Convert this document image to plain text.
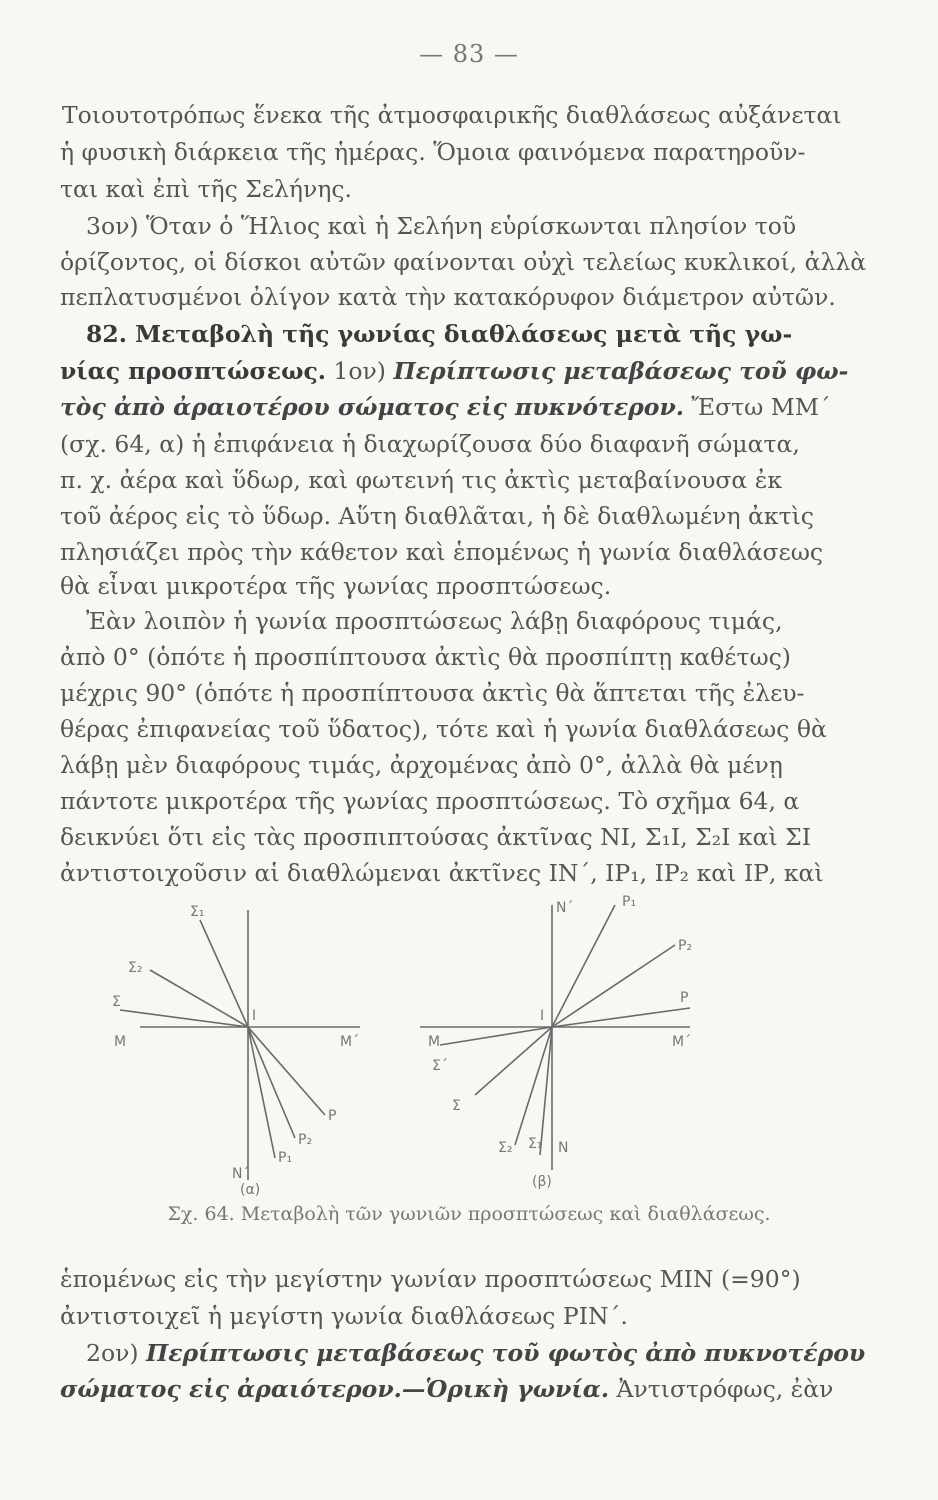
— 83 —
Τοιουτοτρόπως ἕνεκα τῆς ἀτμοσφαιρικῆς διαθλάσεως αὐξάνεται
ἡ φυσικὴ διάρκεια τῆς ἡμέρας. Ὅμοια φαινόμενα παρατηροῦν-
ται καὶ ἐπὶ τῆς Σελήνης.
3ον) Ὅταν ὁ Ἥλιος καὶ ἡ Σελήνη εὑρίσκωνται πλησίον τοῦ
ὁρίζοντος, οἱ δίσκοι αὐτῶν φαίνονται οὐχὶ τελείως κυκλικοί, ἀλλὰ
πεπλατυσμένοι ὀλίγον κατὰ τὴν κατακόρυφον διάμετρον αὐτῶν.
82. Μεταβολὴ τῆς γωνίας διαθλάσεως μετὰ τῆς γω-
νίας προσπτώσεως. 1ον) Περίπτωσις μεταβάσεως τοῦ φω-
τὸς ἀπὸ ἀραιοτέρου σώματος εἰς πυκνότερον. Ἔστω ΜΜ΄
(σχ. 64, α) ἡ ἐπιφάνεια ἡ διαχωρίζουσα δύο διαφανῆ σώματα,
π. χ. ἀέρα καὶ ὕδωρ, καὶ φωτεινή τις ἀκτὶς μεταβαίνουσα ἐκ
τοῦ ἀέρος εἰς τὸ ὕδωρ. Αὕτη διαθλᾶται, ἡ δὲ διαθλωμένη ἀκτὶς
πλησιάζει πρὸς τὴν κάθετον καὶ ἑπομένως ἡ γωνία διαθλάσεως
θὰ εἶναι μικροτέρα τῆς γωνίας προσπτώσεως.
Ἐὰν λοιπὸν ἡ γωνία προσπτώσεως λάβῃ διαφόρους τιμάς,
ἀπὸ 0° (ὁπότε ἡ προσπίπτουσα ἀκτὶς θὰ προσπίπτῃ καθέτως)
μέχρις 90° (ὁπότε ἡ προσπίπτουσα ἀκτὶς θὰ ἅπτεται τῆς ἐλευ-
θέρας ἐπιφανείας τοῦ ὕδατος), τότε καὶ ἡ γωνία διαθλάσεως θὰ
λάβῃ μὲν διαφόρους τιμάς, ἀρχομένας ἀπὸ 0°, ἀλλὰ θὰ μένῃ
πάντοτε μικροτέρα τῆς γωνίας προσπτώσεως. Τὸ σχῆμα 64, α
δεικνύει ὅτι εἰς τὰς προσπιπτούσας ἀκτῖνας ΝΙ, Σ₁Ι, Σ₂Ι καὶ ΣΙ
ἀντιστοιχοῦσιν αἱ διαθλώμεναι ἀκτῖνες ΙΝ΄, ΙΡ₁, ΙΡ₂ καὶ ΙΡ, καὶ
Σ₁
Σ₂
Σ
Μ	Μ΄
Ι
Ρ
Ρ₂
Ρ₁
Ν΄
(α)
Ν΄	Ρ₁
Ρ₂
Ρ
Μ	Μ΄
Ι
Σ΄
Σ
Σ₂ Σ₁ Ν
(β)
Σχ. 64. Μεταβολὴ τῶν γωνιῶν προσπτώσεως καὶ διαθλάσεως.
ἑπομένως εἰς τὴν μεγίστην γωνίαν προσπτώσεως ΜΙΝ (=90°)
ἀντιστοιχεῖ ἡ μεγίστη γωνία διαθλάσεως ΡΙΝ΄.
2ον) Περίπτωσις μεταβάσεως τοῦ φωτὸς ἀπὸ πυκνοτέρου
σώματος εἰς ἀραιότερον.—Ὁρικὴ γωνία. Ἀντιστρόφως, ἐὰν
